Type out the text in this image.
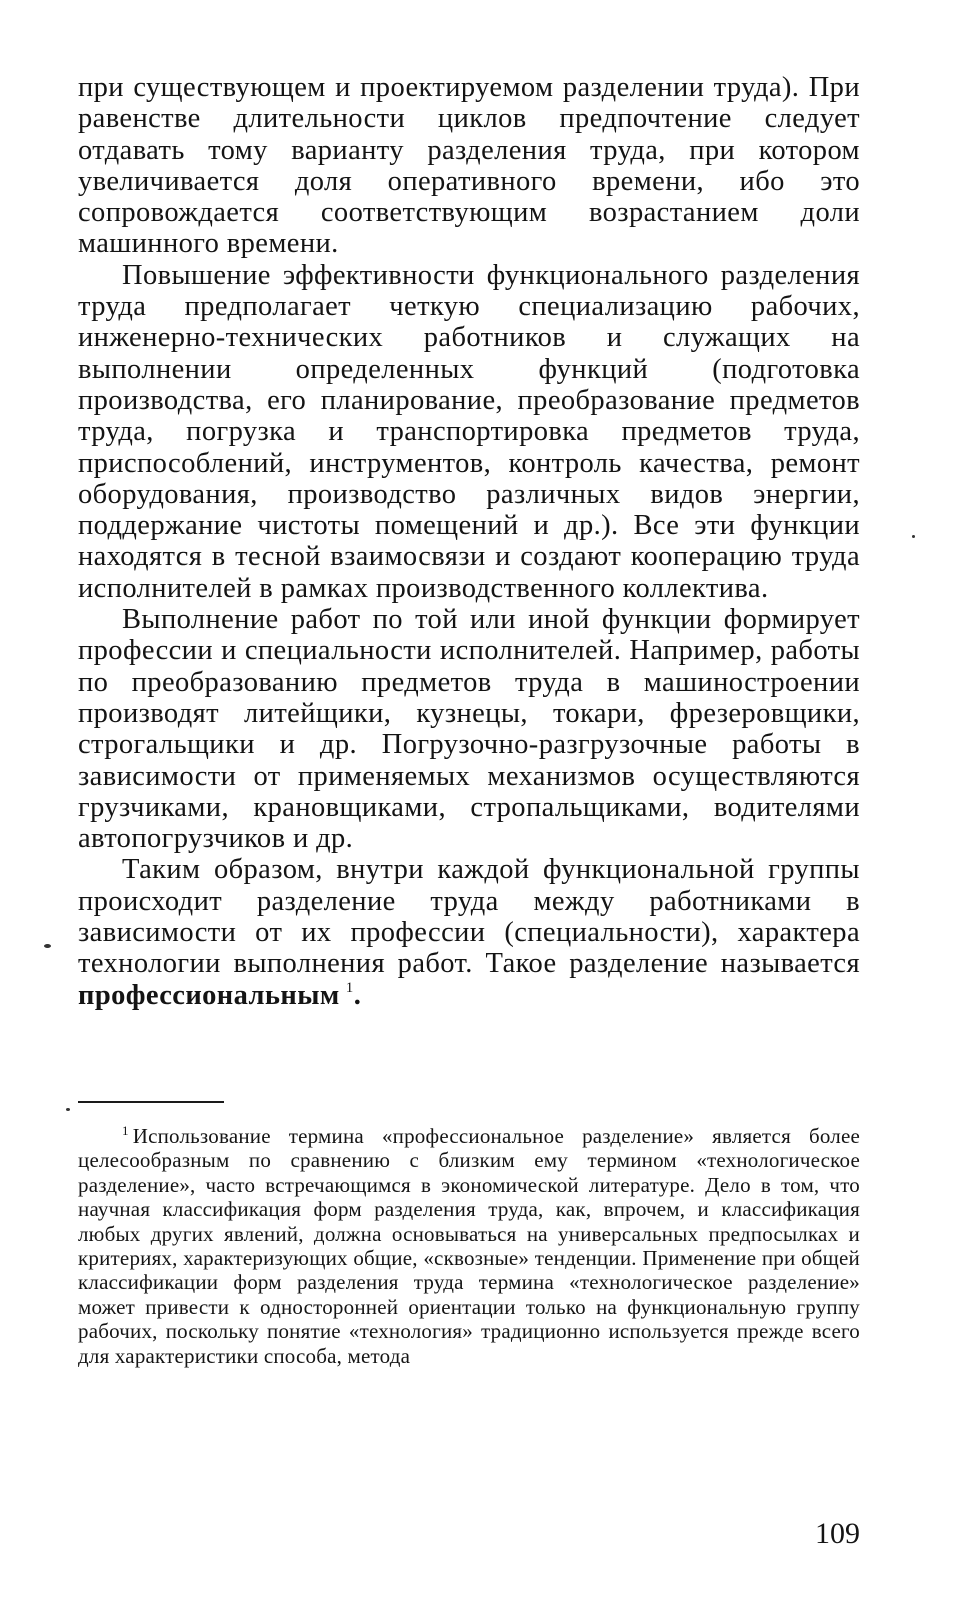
при существующем и проектируемом разделении труда). При равенстве длительности циклов предпочтение следует отдавать тому варианту разделения труда, при котором увеличивается доля оперативного времени, ибо это сопровождается соответствующим возрастанием доли машинного времени.

Повышение эффективности функционального разделения труда предполагает четкую специализацию рабочих, инженерно-технических работников и служащих на выполнении определенных функций (подготовка производства, его планирование, преобразование предметов труда, погрузка и транспортировка предметов труда, приспособлений, инструментов, контроль качества, ремонт оборудования, производство различных видов энергии, поддержание чистоты помещений и др.). Все эти функции находятся в тесной взаимосвязи и создают кооперацию труда исполнителей в рамках производственного коллектива.

Выполнение работ по той или иной функции формирует профессии и специальности исполнителей. Например, работы по преобразованию предметов труда в машиностроении производят литейщики, кузнецы, токари, фрезеровщики, строгальщики и др. Погрузочно-разгрузочные работы в зависимости от применяемых механизмов осуществляются грузчиками, крановщиками, стропальщиками, водителями автопогрузчиков и др.

Таким образом, внутри каждой функциональной группы происходит разделение труда между работниками в зависимости от их профессии (специальности), характера технологии выполнения работ. Такое разделение называется профессиональным  $^1$.

$^1$ Использование термина «профессиональное разделение» является более целесообразным по сравнению с близким ему термином «технологическое разделение», часто встречающимся в экономической литературе. Дело в том, что научная классификация форм разделения труда, как, впрочем, и классификация любых других явлений, должна основываться на универсальных предпосылках и критериях, характеризующих общие, «сквозные» тенденции. Применение при общей классификации форм разделения труда термина «технологическое разделение» может привести к односторонней ориентации только на функциональную группу рабочих, поскольку понятие «технология» традиционно используется прежде всего для характеристики способа, метода

109
